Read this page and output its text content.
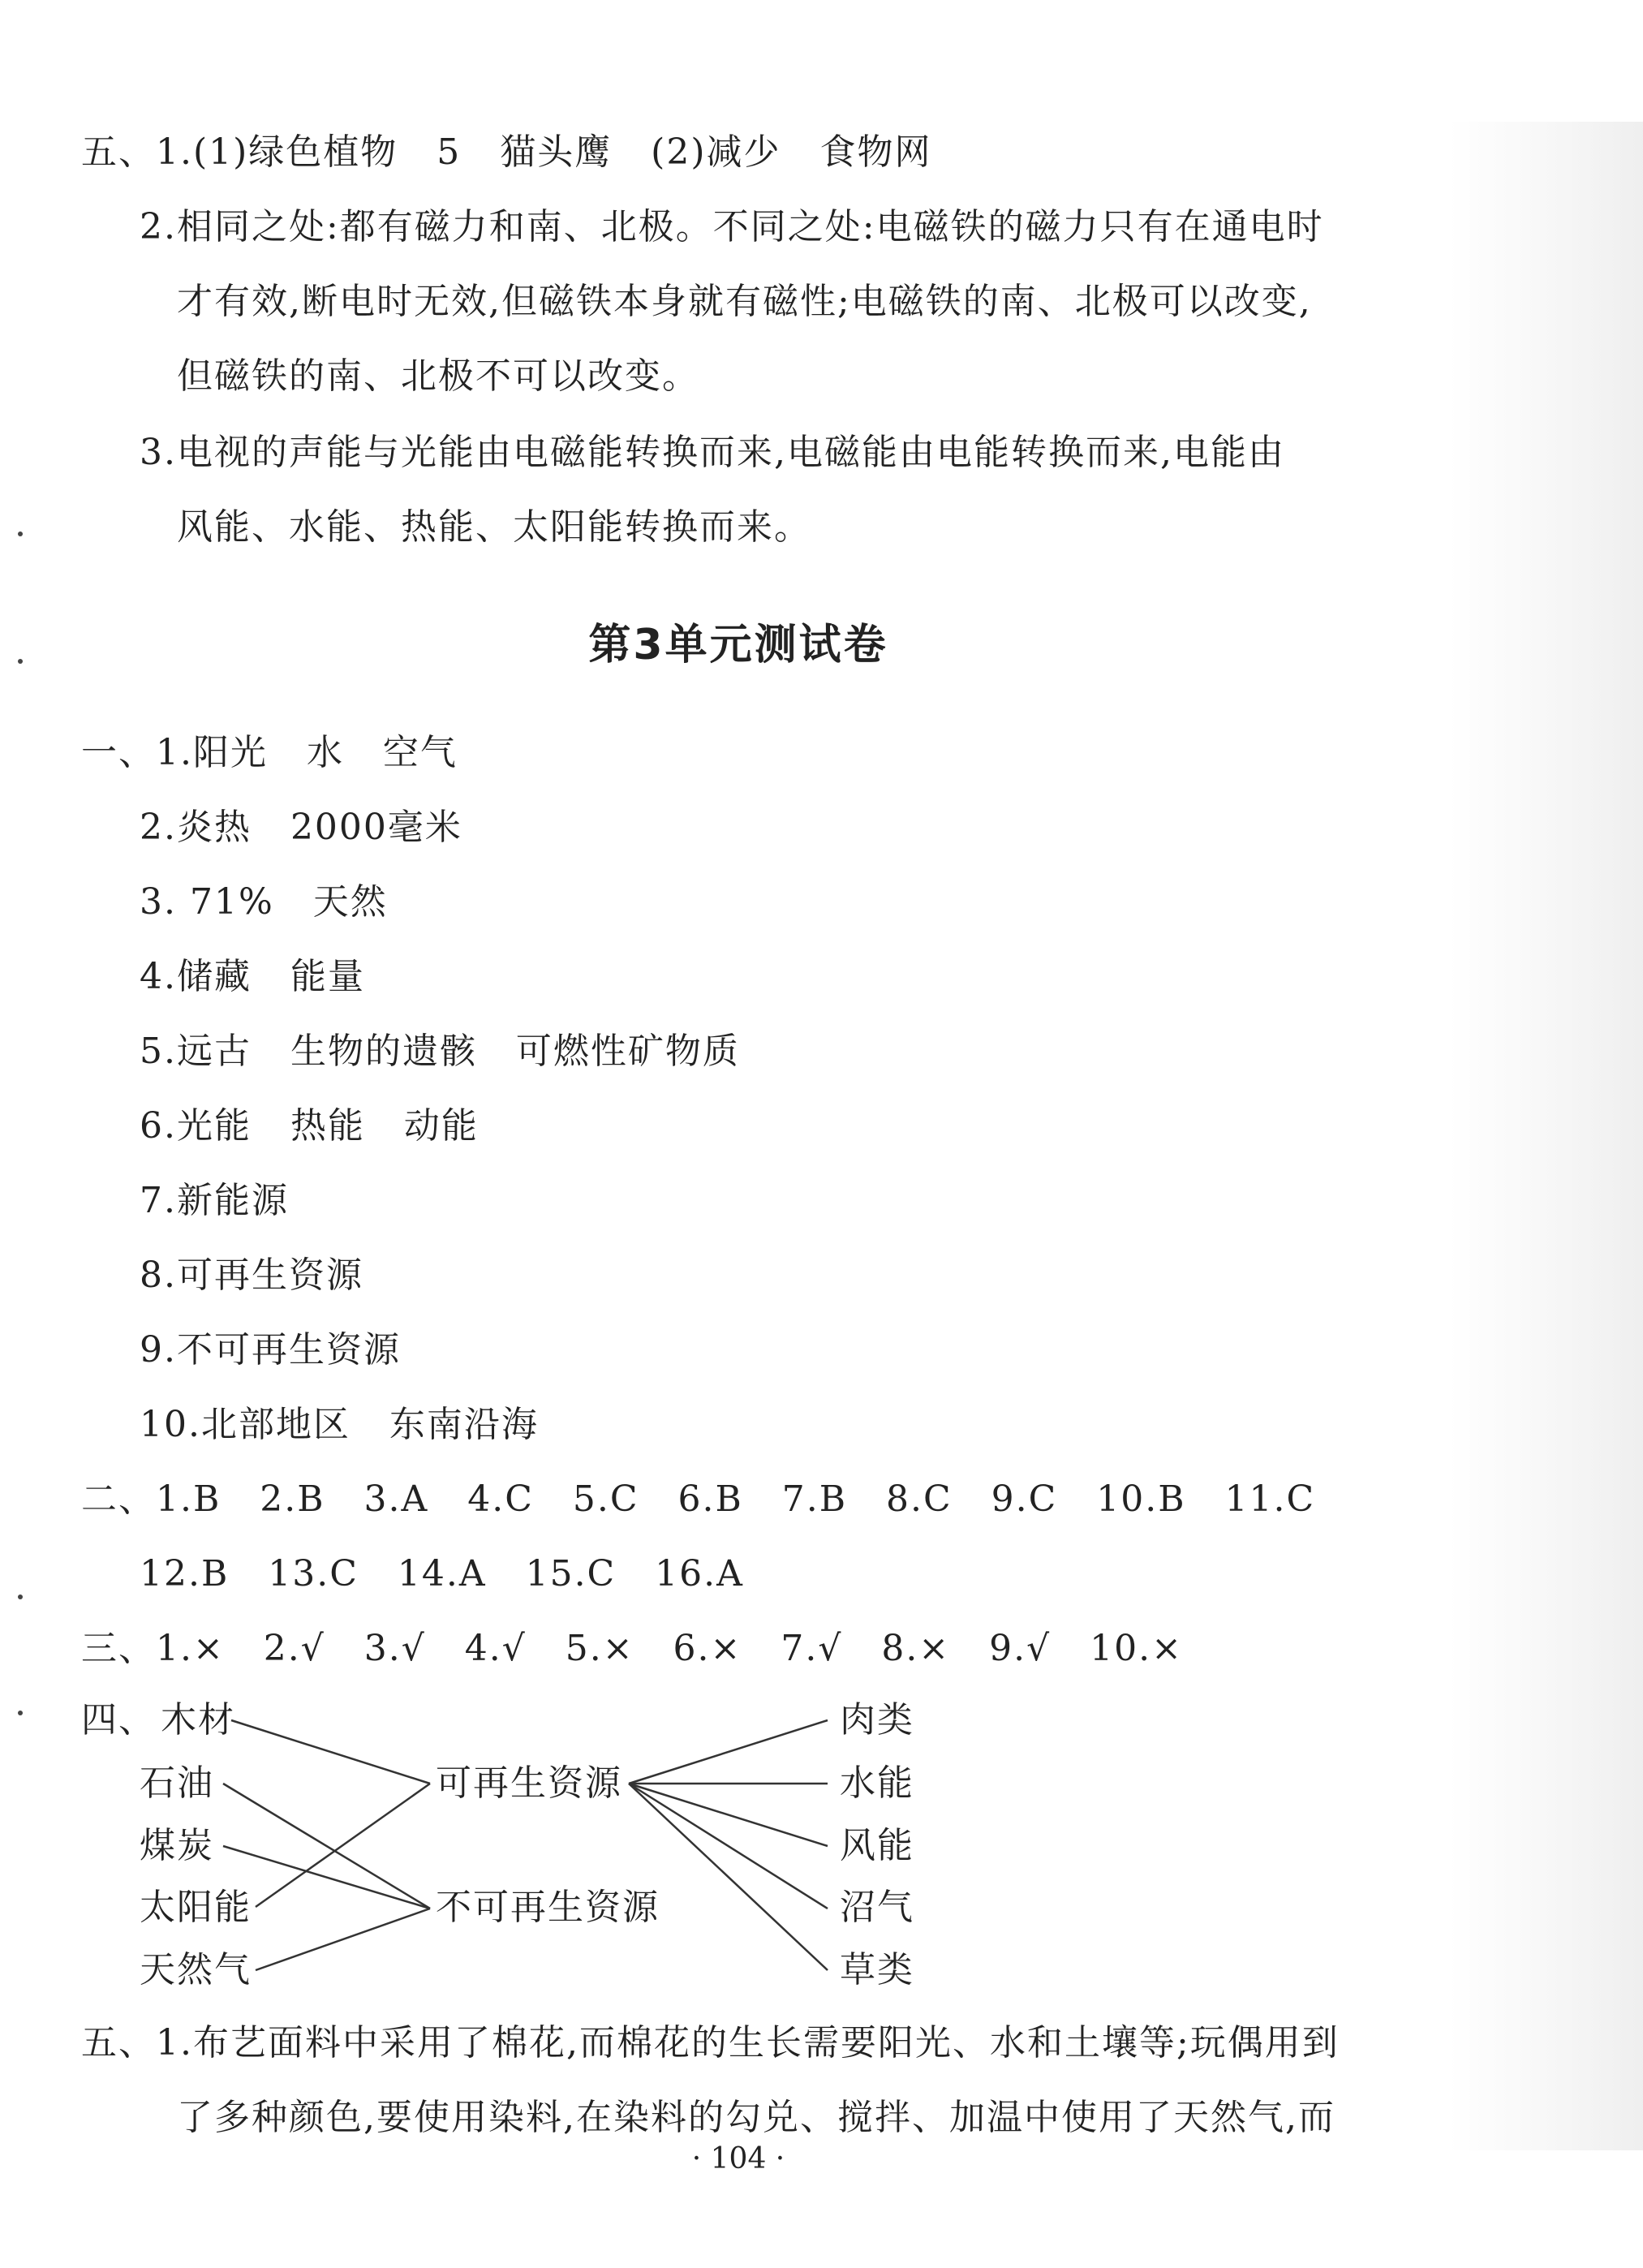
五、1.(1)绿色植物   5   猫头鹰   (2)减少   食物网
2.相同之处:都有磁力和南、北极。不同之处:电磁铁的磁力只有在通电时
才有效,断电时无效,但磁铁本身就有磁性;电磁铁的南、北极可以改变,
但磁铁的南、北极不可以改变。
3.电视的声能与光能由电磁能转换而来,电磁能由电能转换而来,电能由
风能、水能、热能、太阳能转换而来。
第3单元测试卷
一、1.阳光   水   空气
2.炎热   2000毫米
3. 71%   天然
4.储藏   能量
5.远古   生物的遗骸   可燃性矿物质
6.光能   热能   动能
7.新能源
8.可再生资源
9.不可再生资源
10.北部地区   东南沿海
二、1.B   2.B   3.A   4.C   5.C   6.B   7.B   8.C   9.C   10.B   11.C
12.B   13.C   14.A   15.C   16.A
三、1.×   2.√   3.√   4.√   5.×   6.×   7.√   8.×   9.√   10.×
四、 木材
石油
煤炭
太阳能
天然气
可再生资源
不可再生资源
肉类
水能
风能
沼气
草类
五、1.布艺面料中采用了棉花,而棉花的生长需要阳光、水和土壤等;玩偶用到
了多种颜色,要使用染料,在染料的勾兑、搅拌、加温中使用了天然气,而
· 104 ·
